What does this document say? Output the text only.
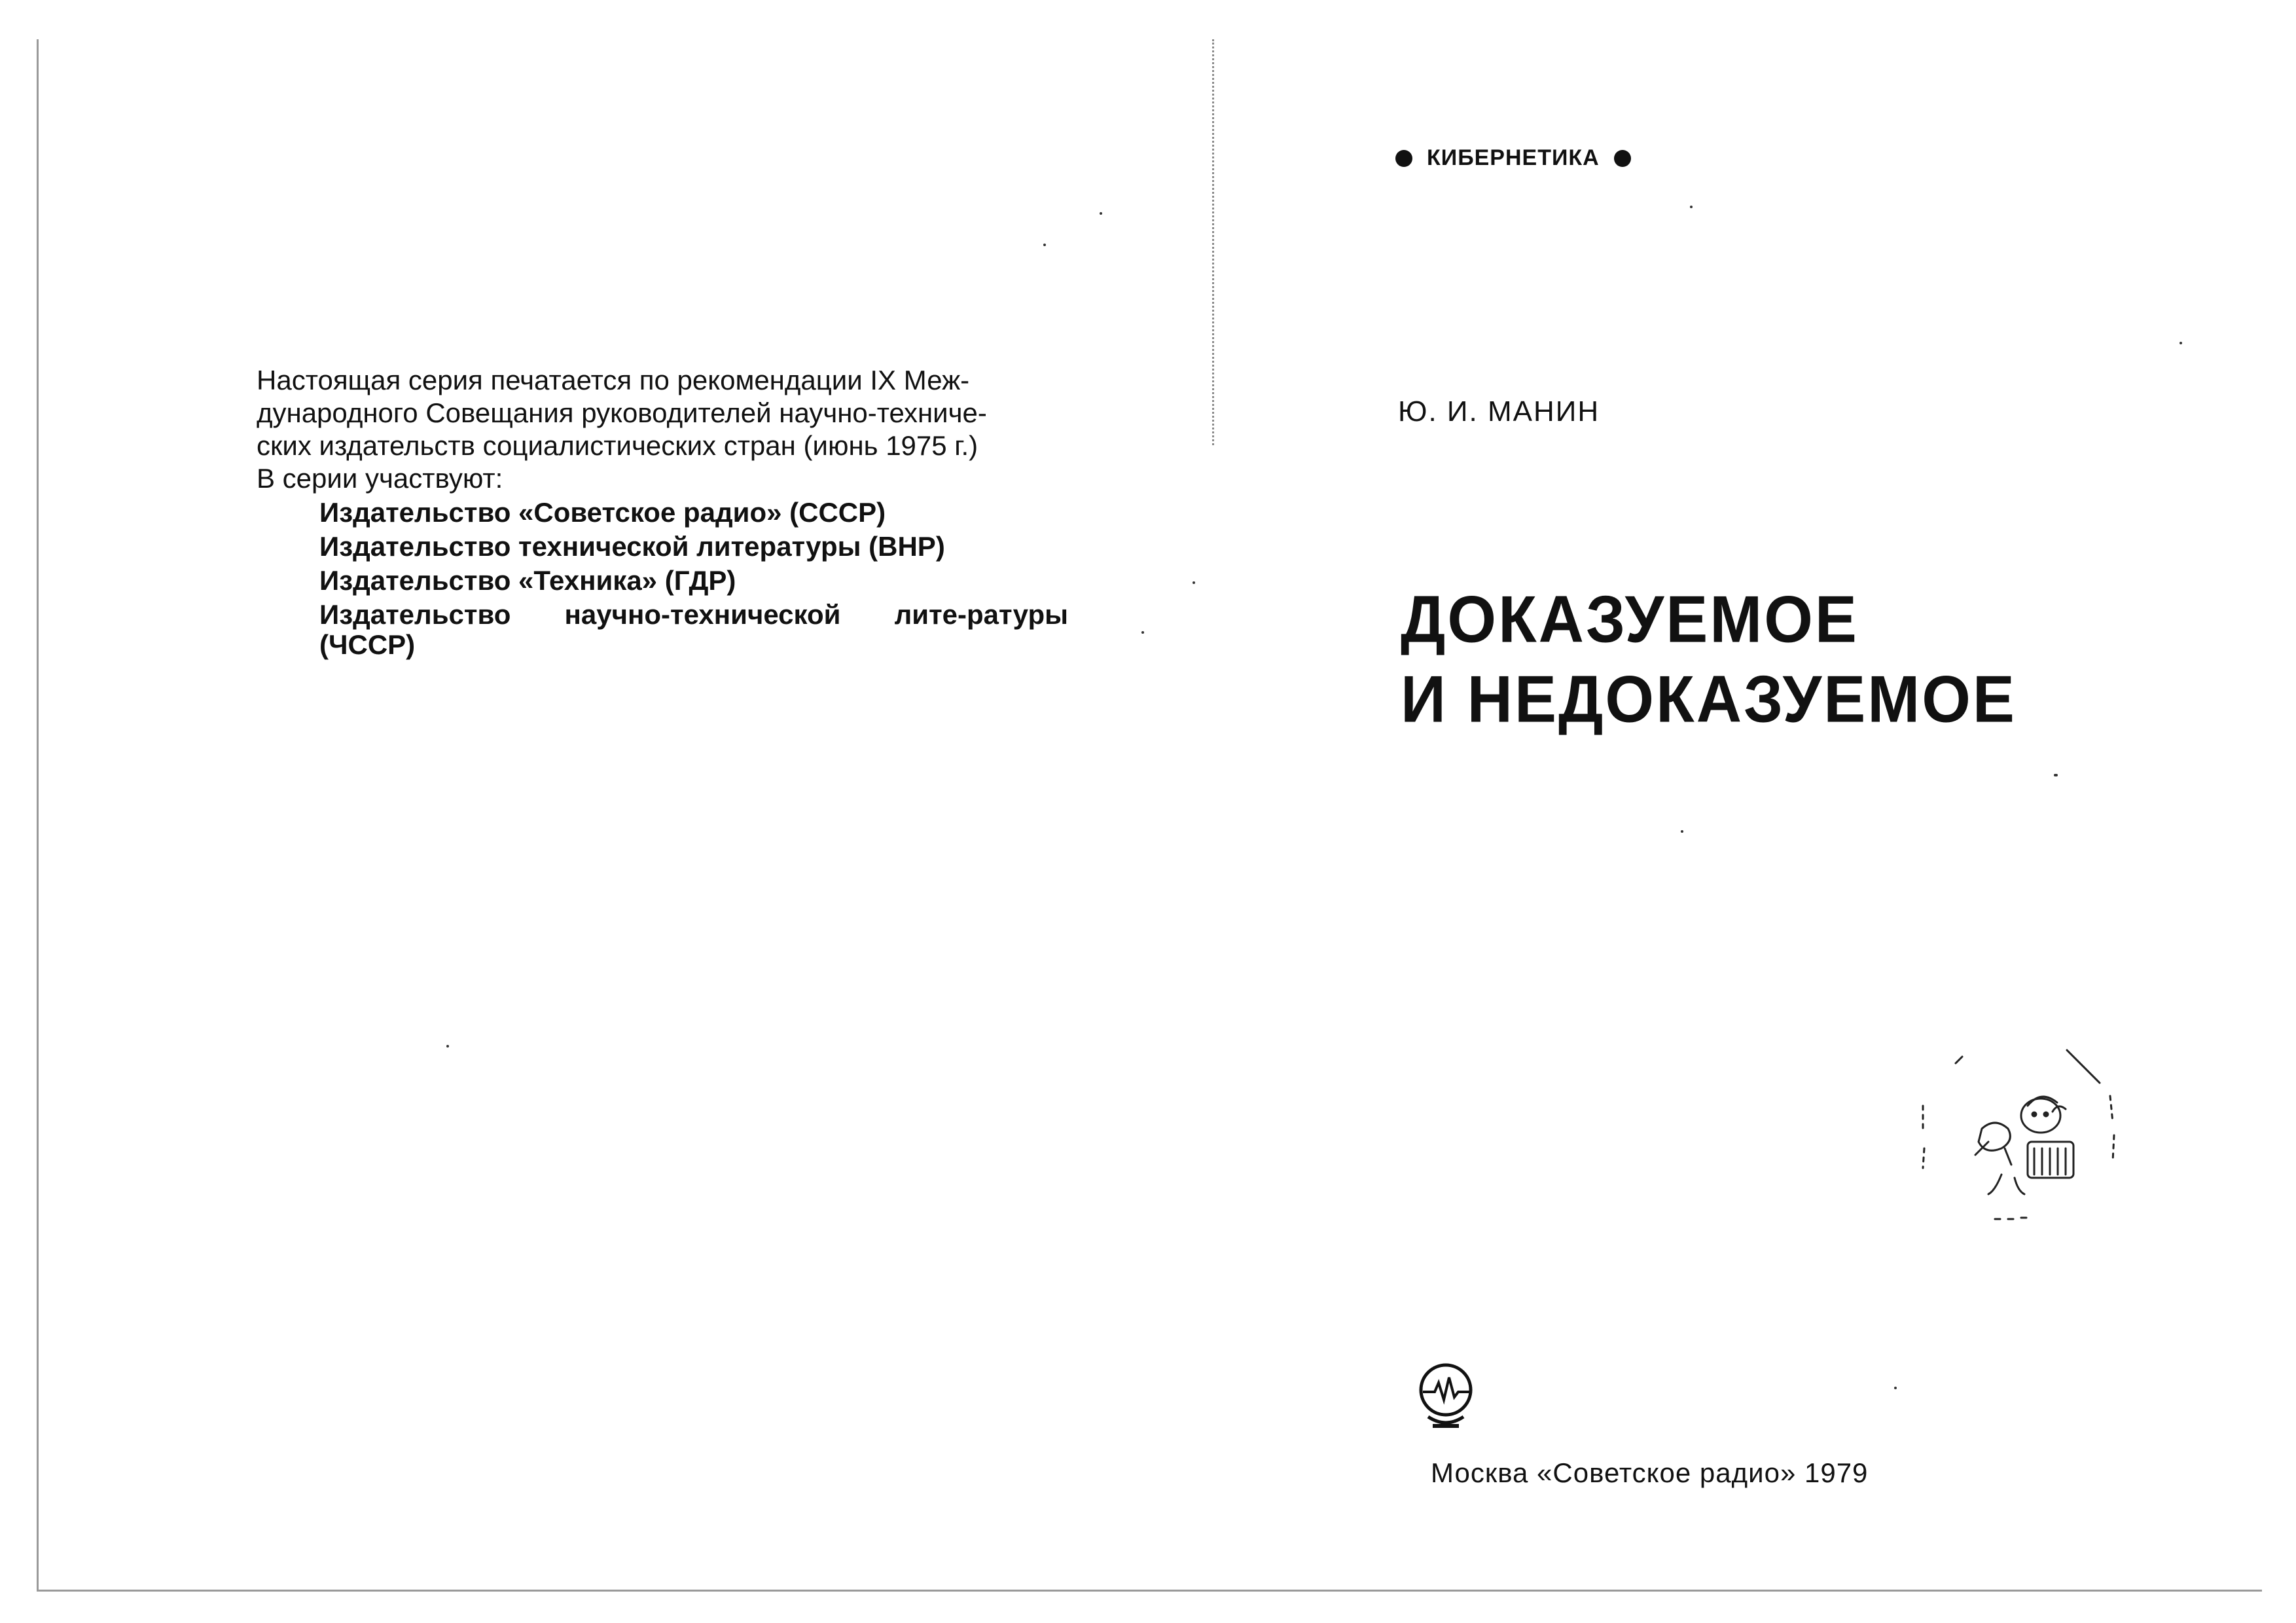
Настоящая серия печатается по рекомендации IX Меж-

дународного Совещания руководителей научно-техниче-

ских издательств социалистических стран (июнь 1975 г.)

В серии участвуют:

Издательство «Советское радио» (СССР)

Издательство технической литературы (ВНР)

Издательство «Техника» (ГДР)

Издательство научно-технической лите-ратуры (ЧССР)

КИБЕРНЕТИКА
Ю. И. МАНИН
ДОКАЗУЕМОЕ
И НЕДОКАЗУЕМОЕ
Москва «Советское радио» 1979
